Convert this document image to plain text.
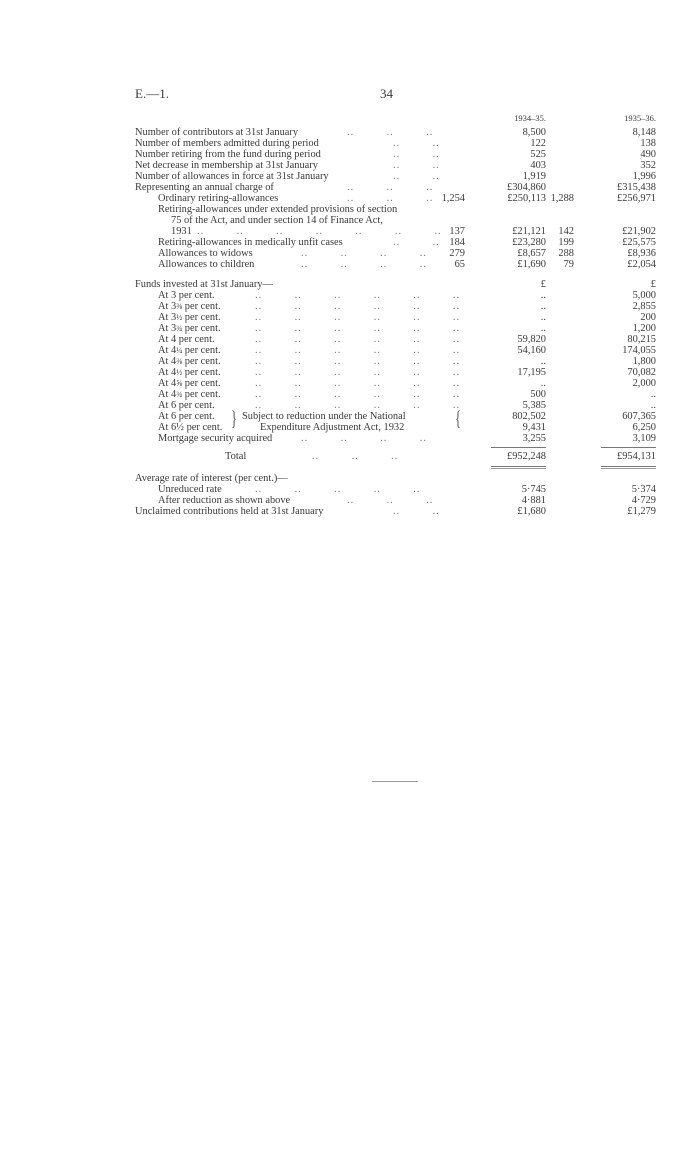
E.—1.	34
1934–35.	1935–36.
Number of contributors at 31st January	..         ..         ..	8,500	8,148
Number of members admitted during period	..         ..	122	138
Number retiring from the fund during period	..         ..	525	490
Net decrease in membership at 31st January	..         ..	403	352
Number of allowances in force at 31st January	..         ..	1,919	1,996
Representing an annual charge of	..         ..         ..	£304,860	£315,438
Ordinary retiring-allowances	..         ..         .. 1,254	£250,113 1,288	£256,971
Retiring-allowances under extended provisions of section
75 of the Act, and under section 14 of Finance Act,
1931 ..         ..         ..         ..         ..         ..         .. 137	£21,121 142	£21,902
Retiring-allowances in medically unfit cases	..         .. 184	£23,280 199	£25,575
Allowances to widows	..         ..         ..         .. 279	£8,657 288	£8,936
Allowances to children	..         ..         ..         ..	65	£1,690 79	£2,054
Funds invested at 31st January—	£	£
At 3 per cent.	..         ..         ..         ..         ..         ..	..	5,000
At 3⅜ per cent.	..         ..         ..         ..         ..         ..	..	2,855
At 3½ per cent.	..         ..         ..         ..         ..         ..	..	200
At 3¾ per cent.	..         ..         ..         ..         ..         ..	..	1,200
At 4 per cent.	..         ..         ..         ..         ..         ..	59,820	80,215
At 4¼ per cent.	..         ..         ..         ..         ..         ..	54,160	174,055
At 4⅜ per cent.	..         ..         ..         ..         ..         ..	..	1,800
At 4½ per cent.	..         ..         ..         ..         ..         ..	17,195	70,082
At 4⅝ per cent.	..         ..         ..         ..         ..         ..	..	2,000
At 4¾ per cent.	..         ..         ..         ..         ..         ..	500	..
At 6 per cent.	..         ..         ..         ..         ..         ..	5,385	..
At 6 per cent. } Subject to reduction under the National {	802,502	607,365
At 6½ per cent.	Expenditure Adjustment Act, 1932	9,431	6,250
Mortgage security acquired	..         ..         ..         ..	3,255	3,109
Total	..         ..         ..	£952,248	£954,131
Average rate of interest (per cent.)—
Unreduced rate	..         ..         ..         ..         ..	5·745	5·374
After reduction as shown above	..         ..         ..	4·881	4·729
Unclaimed contributions held at 31st January	..         ..	£1,680	£1,279
